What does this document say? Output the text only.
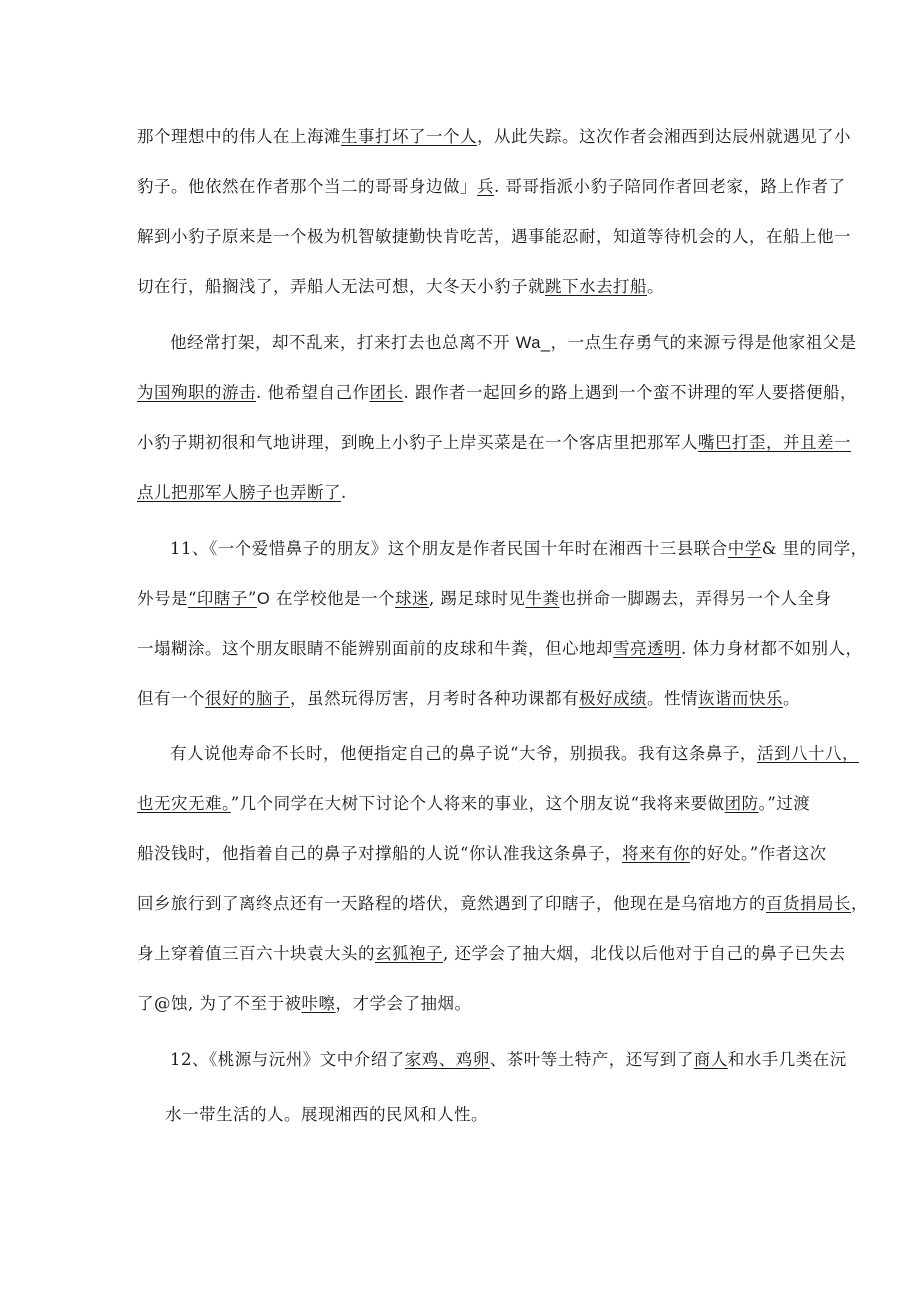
那个理想中的伟人在上海滩生事打坏了一个人，从此失踪。这次作者会湘西到达辰州就遇见了小
豹子。他依然在作者那个当二的哥哥身边做」兵. 哥哥指派小豹子陪同作者回老家，路上作者了
解到小豹子原来是一个极为机智敏捷勤快肯吃苦，遇事能忍耐，知道等待机会的人，在船上他一
切在行，船搁浅了，弄船人无法可想，大冬天小豹子就跳下水去打船。
他经常打架，却不乱来，打来打去也总离不开 Wa_，一点生存勇气的来源亏得是他家祖父是
为国殉职的游击. 他希望自己作团长. 跟作者一起回乡的路上遇到一个蛮不讲理的军人要搭便船，
小豹子期初很和气地讲理，到晚上小豹子上岸买菜是在一个客店里把那军人嘴巴打歪，并且差一
点儿把那军人膀子也弄断了.
11、《一个爱惜鼻子的朋友》这个朋友是作者民国十年时在湘西十三县联合中学& 里的同学，
外号是“印瞎子”O 在学校他是一个球迷, 踢足球时见牛粪也拼命一脚踢去，弄得另一个人全身
一塌糊涂。这个朋友眼睛不能辨别面前的皮球和牛粪，但心地却雪亮透明. 体力身材都不如别人，
但有一个很好的脑子，虽然玩得厉害，月考时各种功课都有极好成绩。性情诙谐而快乐。
有人说他寿命不长时，他便指定自己的鼻子说“大爷，别损我。我有这条鼻子，活到八十八，
也无灾无难。”几个同学在大树下讨论个人将来的事业，这个朋友说“我将来要做团防。”过渡
船没钱时，他指着自己的鼻子对撑船的人说“你认准我这条鼻子，将来有你的好处。”作者这次
回乡旅行到了离终点还有一天路程的塔伏，竟然遇到了印瞎子，他现在是乌宿地方的百货捐局长，
身上穿着值三百六十块袁大头的玄狐袍子, 还学会了抽大烟，北伐以后他对于自己的鼻子已失去
了@蚀, 为了不至于被咔嚓，才学会了抽烟。
12、《桃源与沅州》文中介绍了家鸡、鸡卵、茶叶等土特产，还写到了商人和水手几类在沅
水一带生活的人。展现湘西的民风和人性。
